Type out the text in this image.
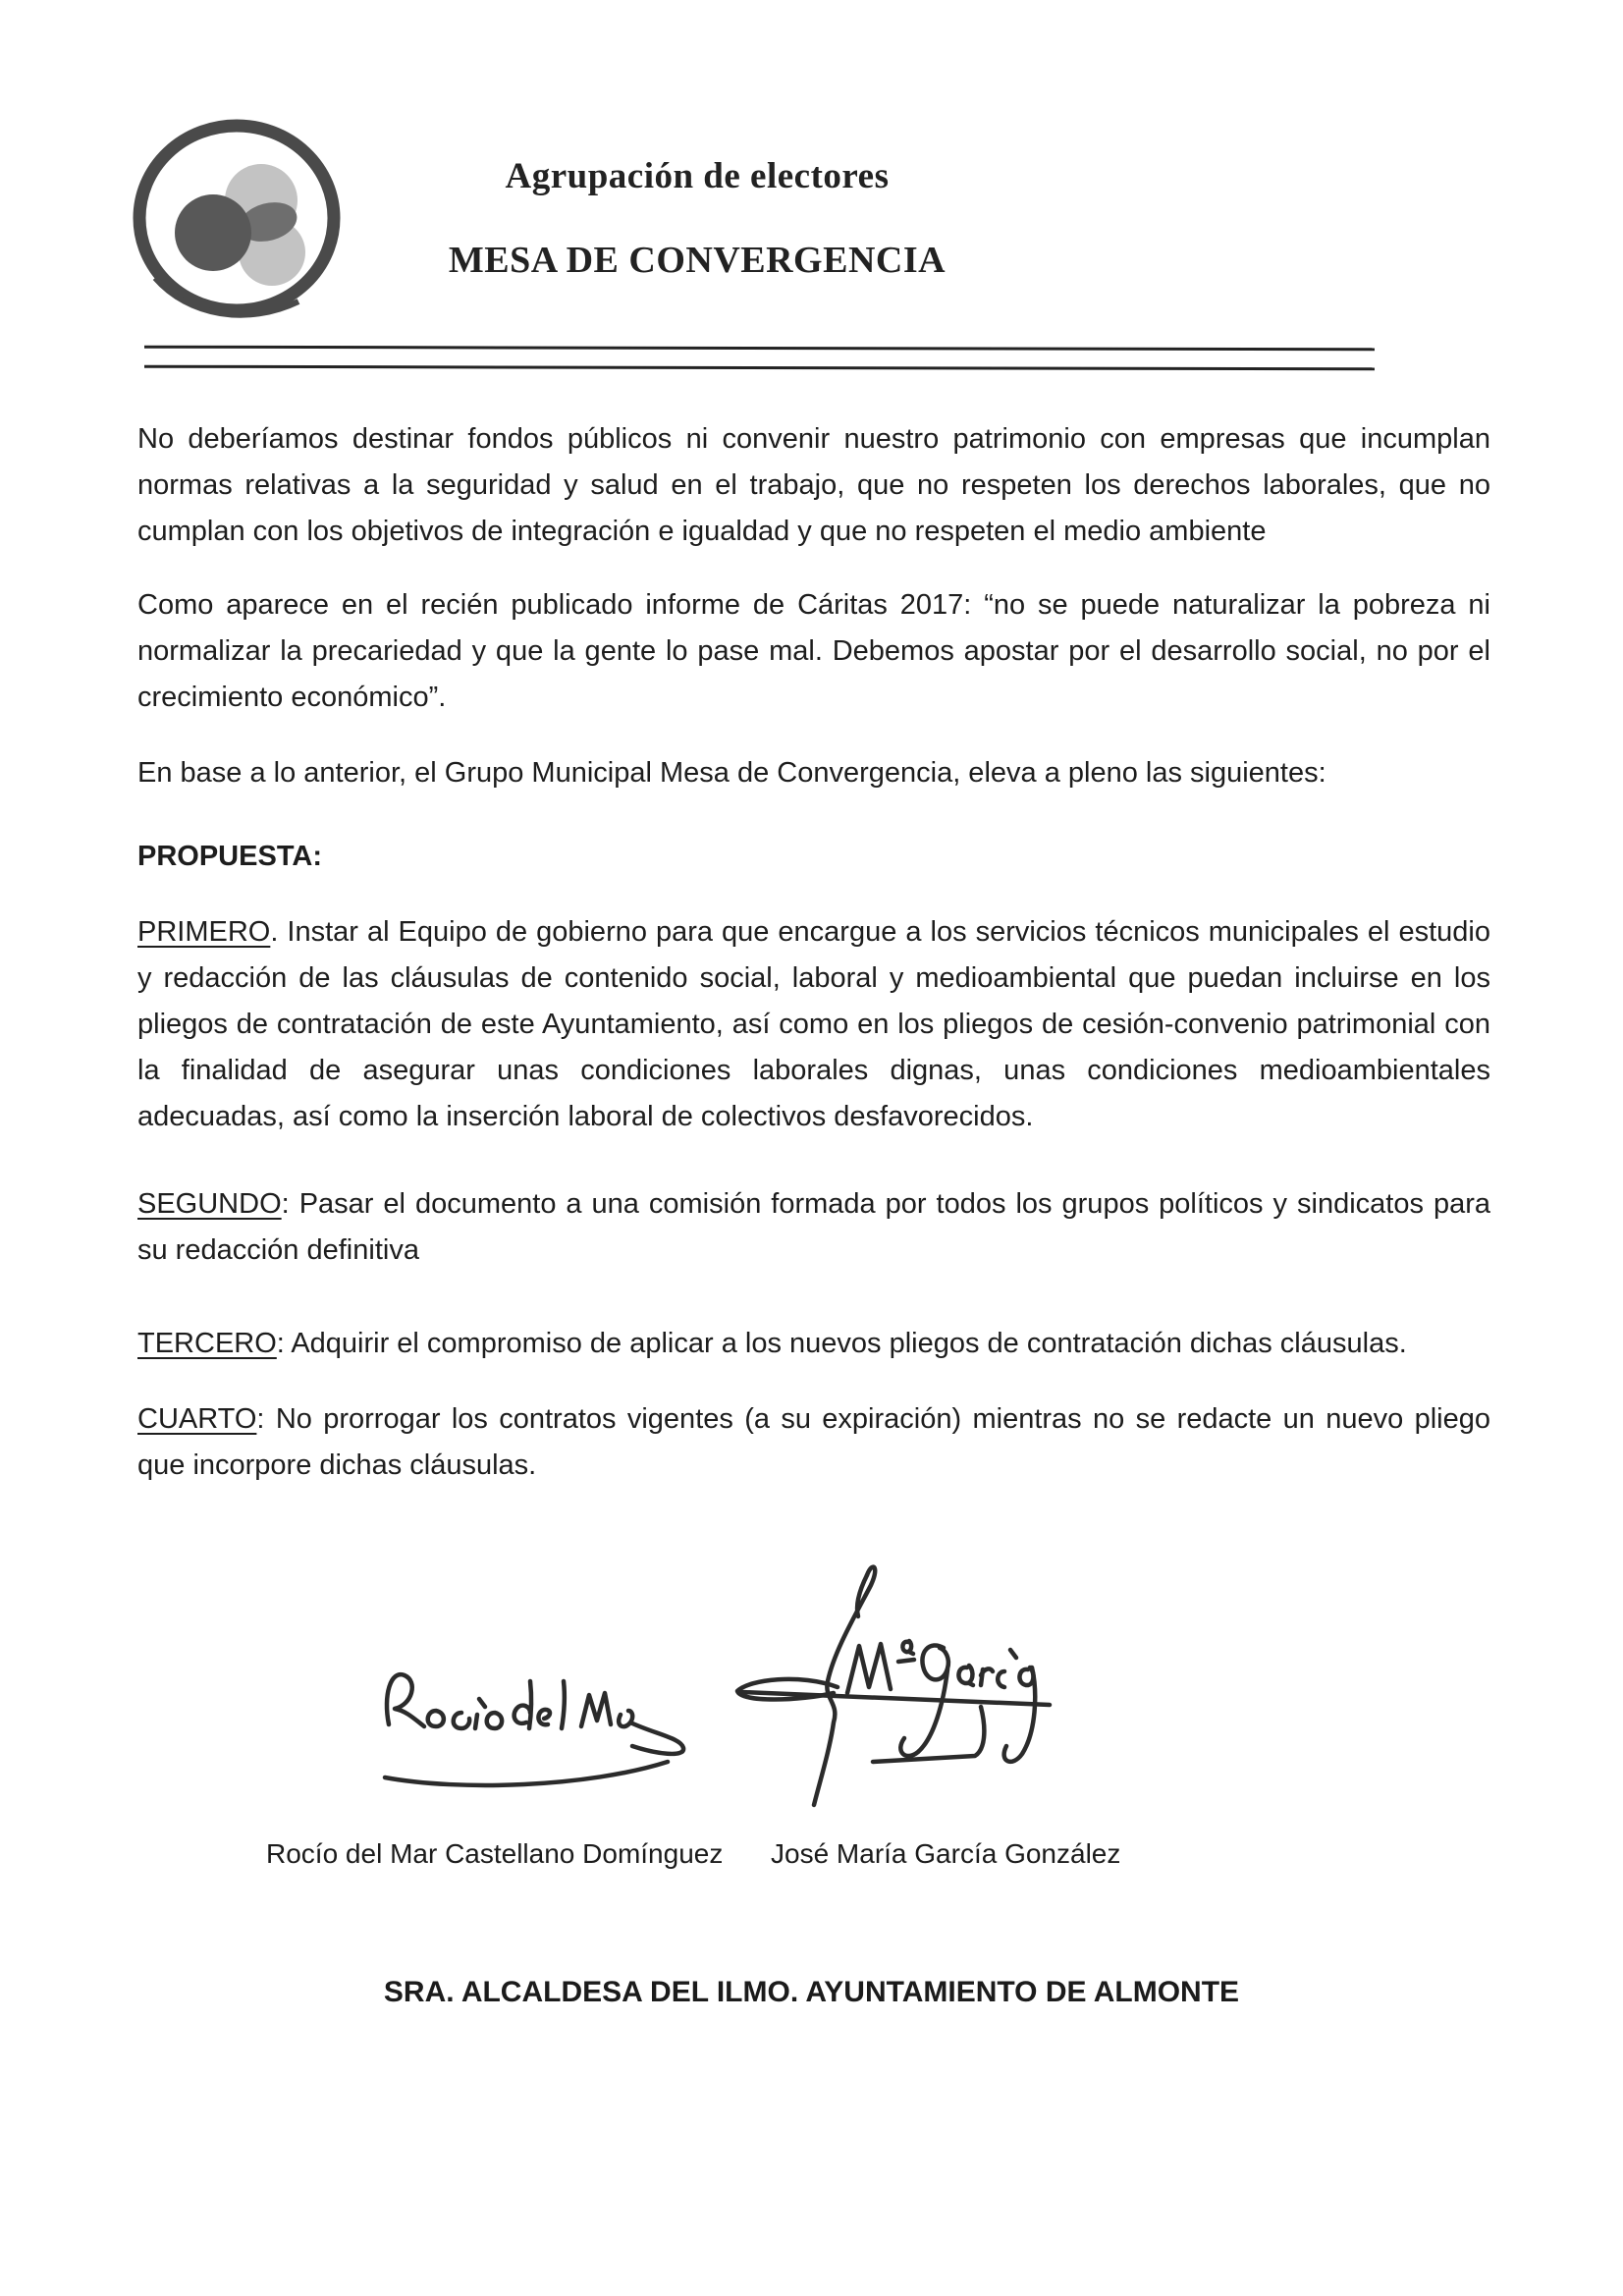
Agrupación de electores
MESA DE CONVERGENCIA

No deberíamos destinar fondos públicos ni convenir nuestro patrimonio con empresas que incumplan normas relativas a la seguridad y salud en el trabajo, que no respeten los derechos laborales, que no cumplan con los objetivos de integración e igualdad y que no respeten el medio ambiente

Como aparece en el recién publicado informe de Cáritas 2017: “no se puede naturalizar la pobreza ni normalizar la precariedad y que la gente lo pase mal. Debemos apostar por el desarrollo social, no por el crecimiento económico”.

En base a lo anterior, el Grupo Municipal Mesa de Convergencia, eleva a pleno las siguientes:

PROPUESTA:

PRIMERO. Instar al Equipo de gobierno para que encargue a los servicios técnicos municipales el estudio y redacción de las cláusulas de contenido social, laboral y medioambiental que puedan incluirse en los pliegos de contratación de este Ayuntamiento, así como en los pliegos de cesión-convenio patrimonial con la finalidad de asegurar unas condiciones laborales dignas, unas condiciones medioambientales adecuadas, así como la inserción laboral de colectivos desfavorecidos.

SEGUNDO: Pasar el documento a una comisión formada por todos los grupos políticos y sindicatos para su redacción definitiva

TERCERO: Adquirir el compromiso de aplicar a los nuevos pliegos de contratación dichas cláusulas.

CUARTO: No prorrogar los contratos vigentes (a su expiración) mientras no se redacte un nuevo pliego que incorpore dichas cláusulas.

Rocío del Mar Castellano Domínguez José María García González
SRA. ALCALDESA DEL ILMO. AYUNTAMIENTO DE ALMONTE
